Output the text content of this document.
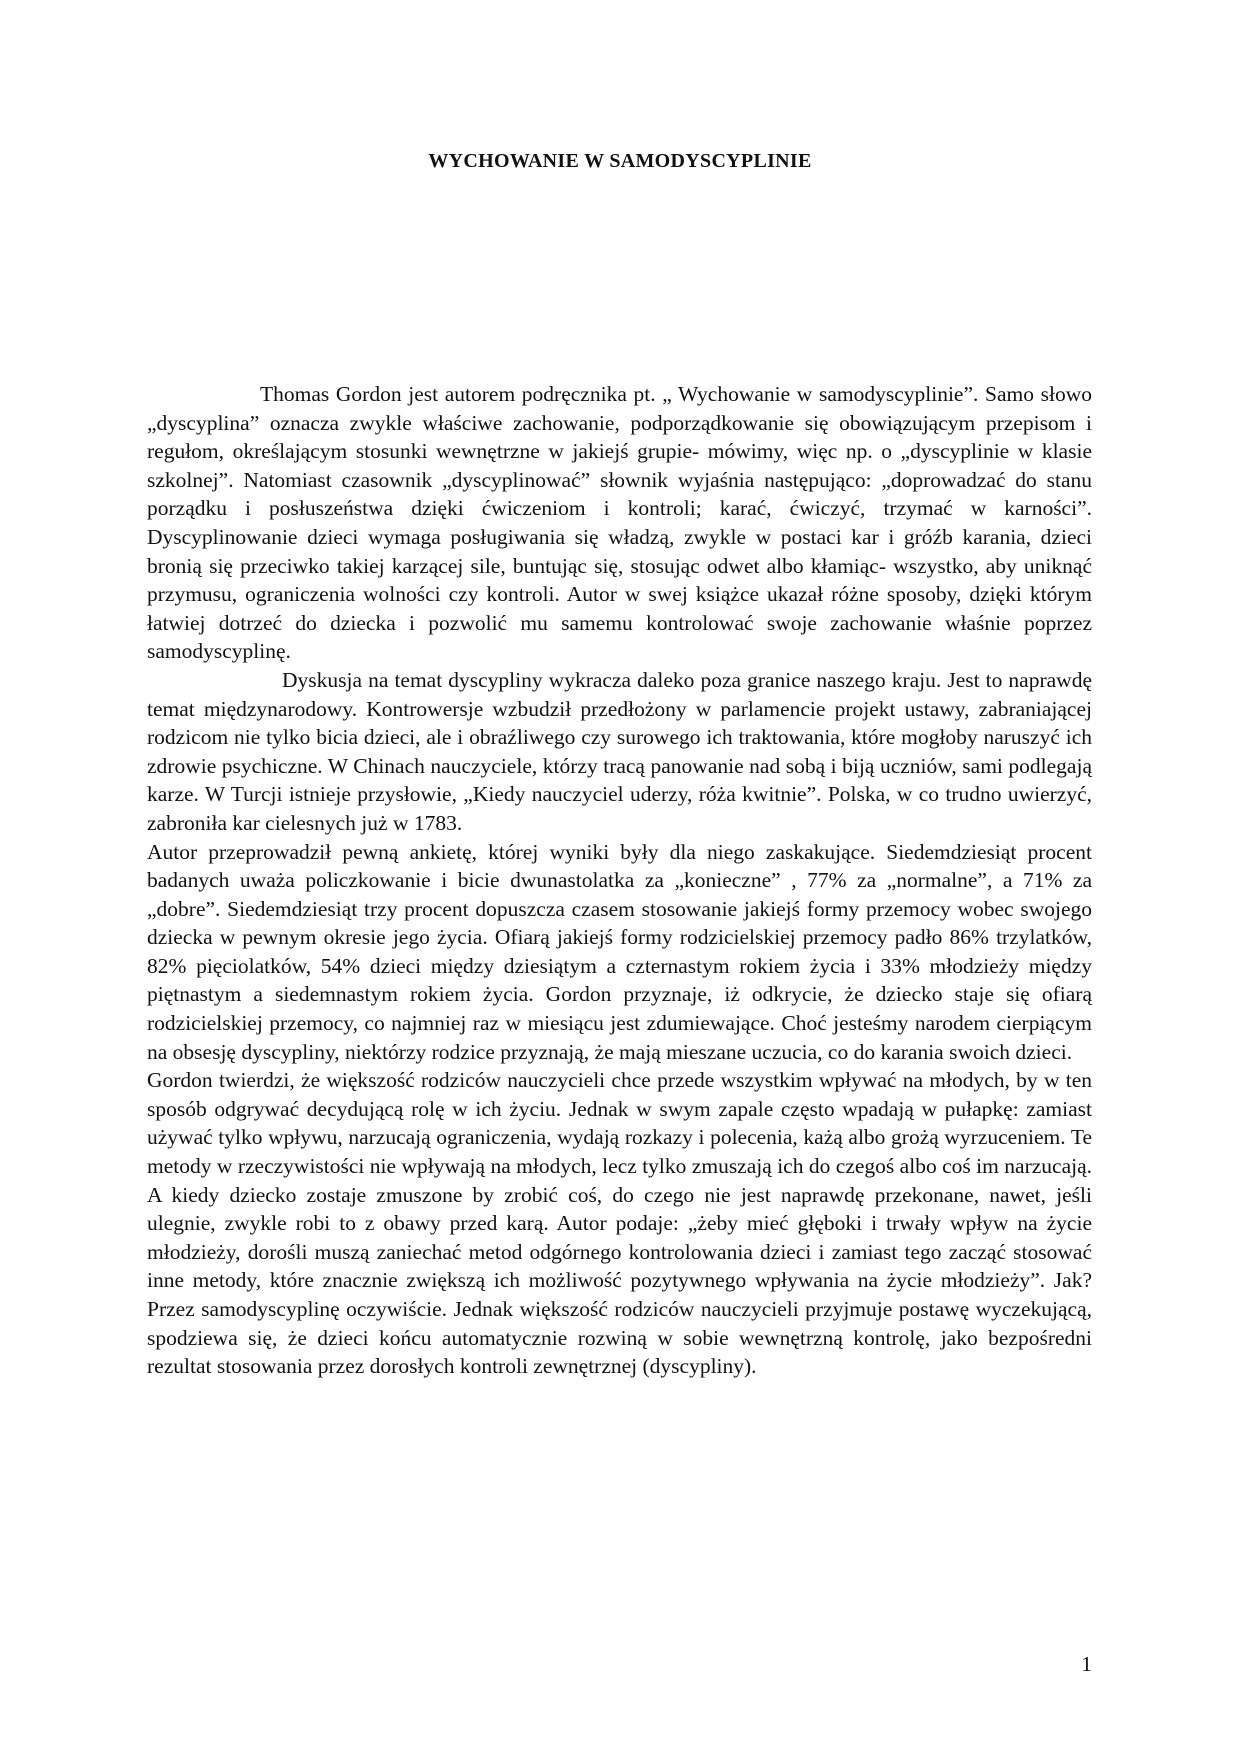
WYCHOWANIE W SAMODYSCYPLINIE

Thomas Gordon jest autorem podręcznika pt. „ Wychowanie w samodyscyplinie”. Samo słowo „dyscyplina” oznacza zwykle właściwe zachowanie, podporządkowanie się obowiązującym przepisom i regułom, określającym stosunki wewnętrzne w jakiejś grupie- mówimy, więc np. o „dyscyplinie w klasie szkolnej”. Natomiast czasownik „dyscyplinować” słownik wyjaśnia następująco: „doprowadzać do stanu porządku i posłuszeństwa dzięki ćwiczeniom i kontroli; karać, ćwiczyć, trzymać w karności”. Dyscyplinowanie dzieci wymaga posługiwania się władzą, zwykle w postaci kar i gróźb karania, dzieci bronią się przeciwko takiej karzącej sile, buntując się, stosując odwet albo kłamiąc- wszystko, aby uniknąć przymusu, ograniczenia wolności czy kontroli. Autor w swej książce ukazał różne sposoby, dzięki którym łatwiej dotrzeć do dziecka i pozwolić mu samemu kontrolować swoje zachowanie właśnie poprzez samodyscyplinę.

Dyskusja na temat dyscypliny wykracza daleko poza granice naszego kraju. Jest to naprawdę temat międzynarodowy. Kontrowersje wzbudził przedłożony w parlamencie projekt ustawy, zabraniającej rodzicom nie tylko bicia dzieci, ale i obraźliwego czy surowego ich traktowania, które mogłoby naruszyć ich zdrowie psychiczne. W Chinach nauczyciele, którzy tracą panowanie nad sobą i biją uczniów, sami podlegają karze. W Turcji istnieje przysłowie, „Kiedy nauczyciel uderzy, róża kwitnie”. Polska, w co trudno uwierzyć, zabroniła kar cielesnych już w 1783.

Autor przeprowadził pewną ankietę, której wyniki były dla niego zaskakujące. Siedemdziesiąt procent badanych uważa policzkowanie i bicie dwunastolatka za „konieczne” , 77% za „normalne”, a 71% za „dobre”. Siedemdziesiąt trzy procent dopuszcza czasem stosowanie jakiejś formy przemocy wobec swojego dziecka w pewnym okresie jego życia. Ofiarą jakiejś formy rodzicielskiej przemocy padło 86% trzylatków, 82% pięciolatków, 54% dzieci między dziesiątym a czternastym rokiem życia i 33% młodzieży między piętnastym a siedemnastym rokiem życia. Gordon przyznaje, iż odkrycie, że dziecko staje się ofiarą rodzicielskiej przemocy, co najmniej raz w miesiącu jest zdumiewające. Choć jesteśmy narodem cierpiącym na obsesję dyscypliny, niektórzy rodzice przyznają, że mają mieszane uczucia, co do karania swoich dzieci.

Gordon twierdzi, że większość rodziców nauczycieli chce przede wszystkim wpływać na młodych, by w ten sposób odgrywać decydującą rolę w ich życiu. Jednak w swym zapale często wpadają w pułapkę: zamiast używać tylko wpływu, narzucają ograniczenia, wydają rozkazy i polecenia, każą albo grożą wyrzuceniem. Te metody w rzeczywistości nie wpływają na młodych, lecz tylko zmuszają ich do czegoś albo coś im narzucają. A kiedy dziecko zostaje zmuszone by zrobić coś, do czego nie jest naprawdę przekonane, nawet, jeśli ulegnie, zwykle robi to z obawy przed karą. Autor podaje: „żeby mieć głęboki i trwały wpływ na życie młodzieży, dorośli muszą zaniechać metod odgórnego kontrolowania dzieci i zamiast tego zacząć stosować inne metody, które znacznie zwiększą ich możliwość pozytywnego wpływania na życie młodzieży”. Jak? Przez samodyscyplinę oczywiście. Jednak większość rodziców nauczycieli przyjmuje postawę wyczekującą, spodziewa się, że dzieci końcu automatycznie rozwiną w sobie wewnętrzną kontrolę, jako bezpośredni rezultat stosowania przez dorosłych kontroli zewnętrznej (dyscypliny).

1
